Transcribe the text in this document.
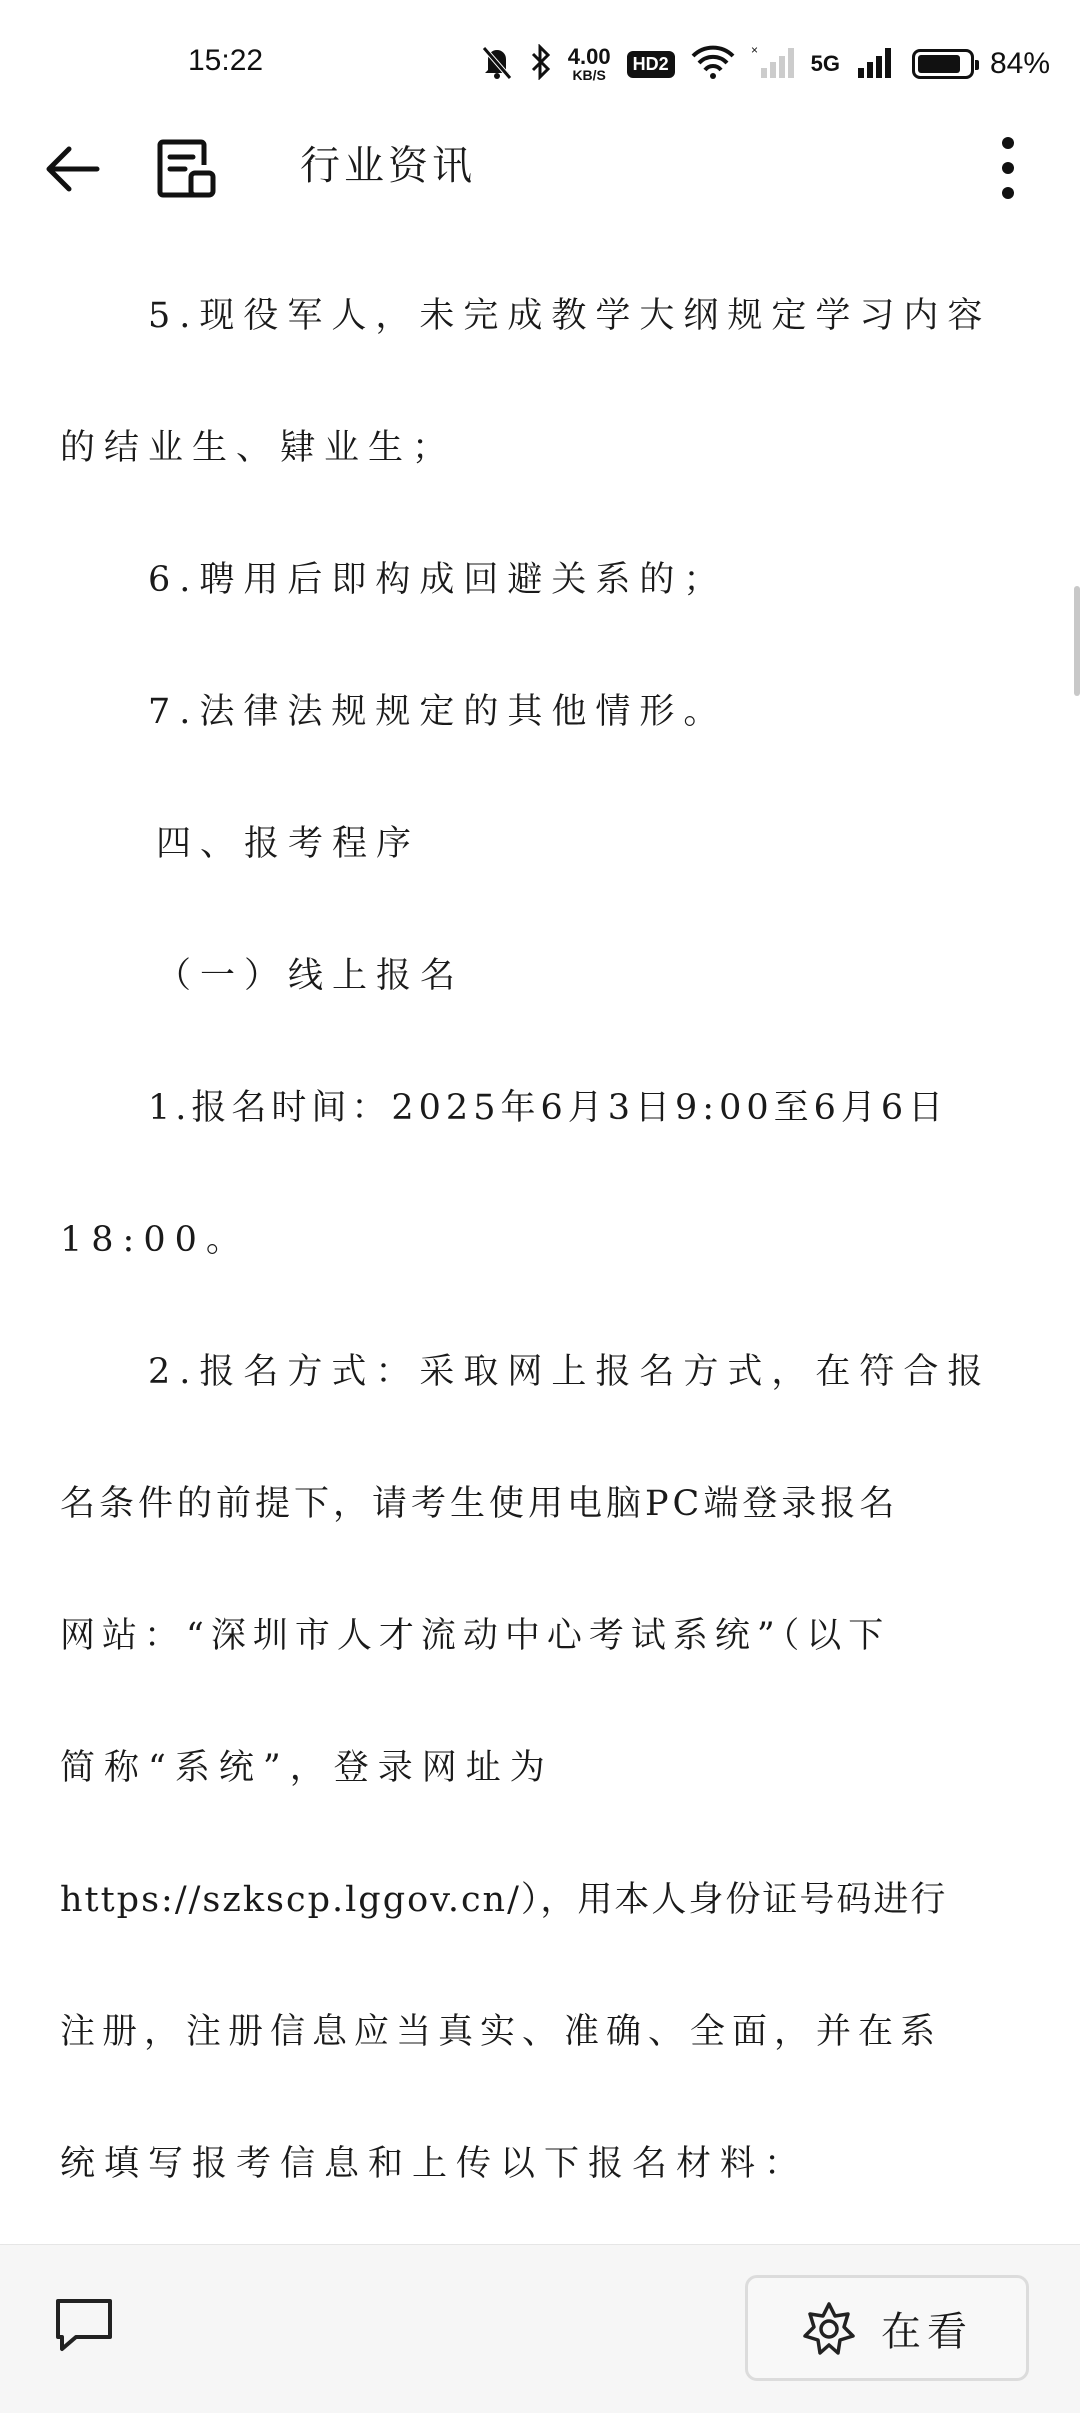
15:22	4.00
KB/S
HD2
×
5G	84%
行业资讯
5.现役军人，未完成教学大纲规定学习内容
的结业生、肄业生；
6.聘用后即构成回避关系的；
7.法律法规规定的其他情形。
四、报考程序
（一）线上报名
1.报名时间：2025年6月3日9:00至6月6日
18:00。
2.报名方式：采取网上报名方式，在符合报
名条件的前提下，请考生使用电脑PC端登录报名
网站：“深圳市人才流动中心考试系统”（以下
简称“系统”，登录网址为
https://szkscp.lggov.cn/），用本人身份证号码进行
注册，注册信息应当真实、准确、全面，并在系
统填写报考信息和上传以下报名材料：
在看
